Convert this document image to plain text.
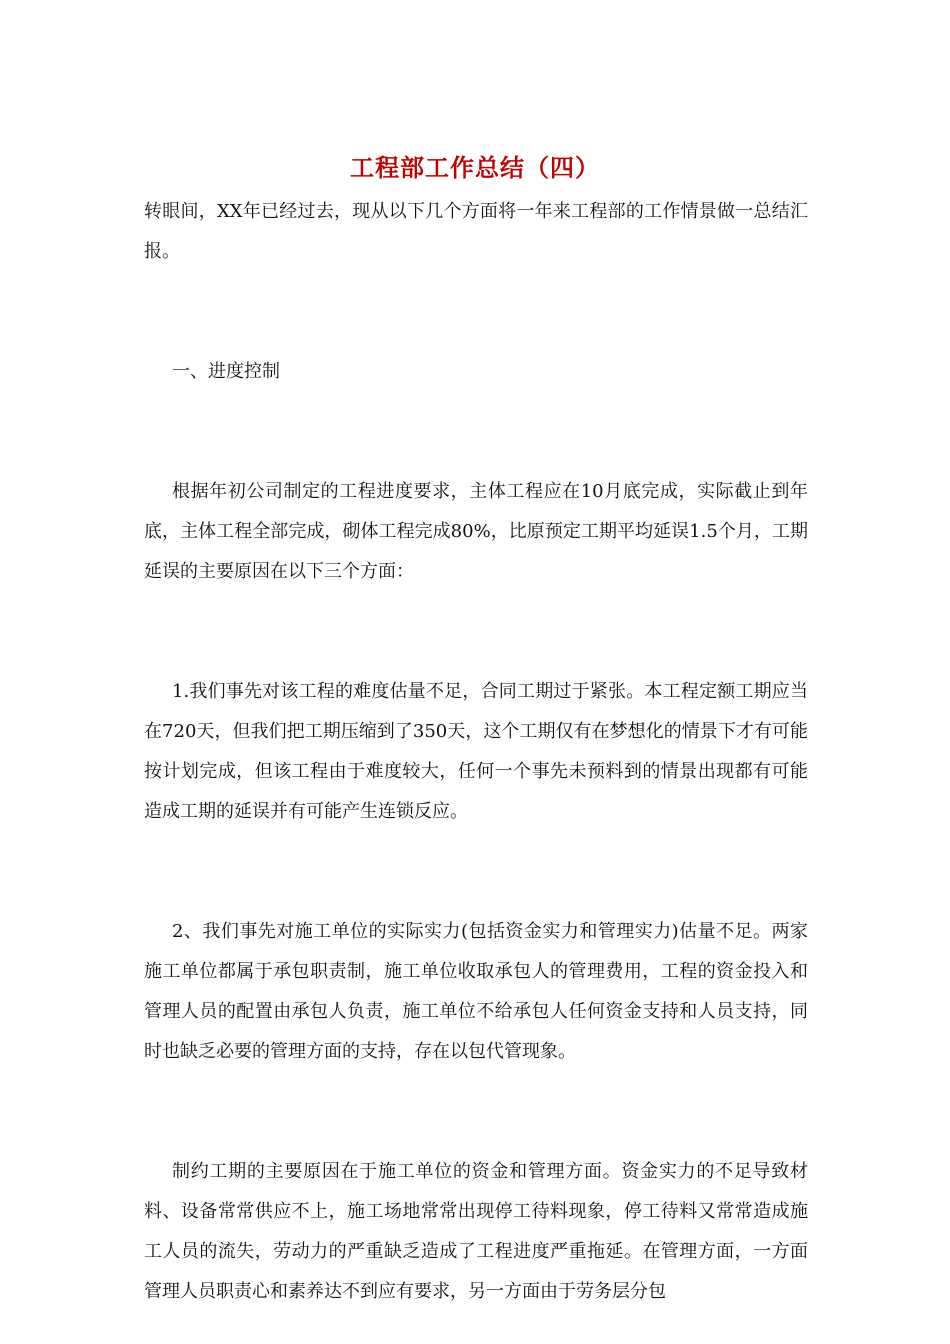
工程部工作总结（四）

转眼间，XX年已经过去，现从以下几个方面将一年来工程部的工作情景做一总结汇报。

一、进度控制

根据年初公司制定的工程进度要求，主体工程应在10月底完成，实际截止到年底，主体工程全部完成，砌体工程完成80%，比原预定工期平均延误1.5个月，工期延误的主要原因在以下三个方面：

1.我们事先对该工程的难度估量不足，合同工期过于紧张。本工程定额工期应当在720天，但我们把工期压缩到了350天，这个工期仅有在梦想化的情景下才有可能按计划完成，但该工程由于难度较大，任何一个事先未预料到的情景出现都有可能造成工期的延误并有可能产生连锁反应。

2、我们事先对施工单位的实际实力(包括资金实力和管理实力)估量不足。两家施工单位都属于承包职责制，施工单位收取承包人的管理费用，工程的资金投入和管理人员的配置由承包人负责，施工单位不给承包人任何资金支持和人员支持，同时也缺乏必要的管理方面的支持，存在以包代管现象。

制约工期的主要原因在于施工单位的资金和管理方面。资金实力的不足导致材料、设备常常供应不上，施工场地常常出现停工待料现象，停工待料又常常造成施工人员的流失，劳动力的严重缺乏造成了工程进度严重拖延。在管理方面，一方面管理人员职责心和素养达不到应有要求，另一方面由于劳务层分包
